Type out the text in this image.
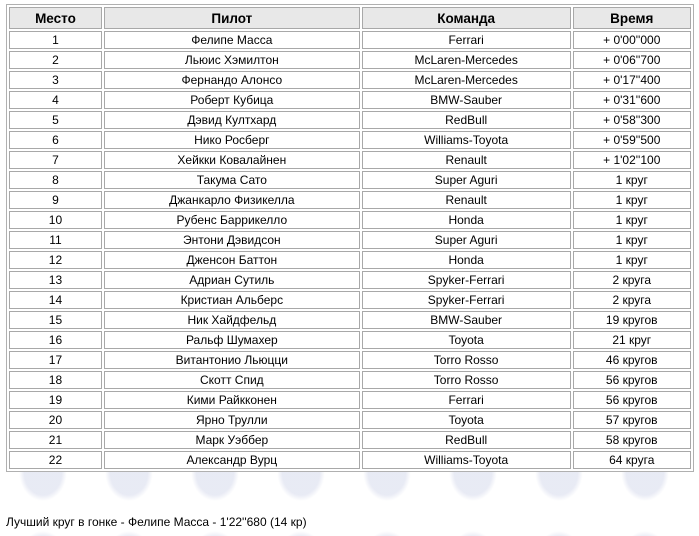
Место	Пилот	Команда	Время
1	Фелипе Масса	Ferrari	+ 0'00''000
2	Льюис Хэмилтон	McLaren-Mercedes	+ 0'06''700
3	Фернандо Алонсо	McLaren-Mercedes	+ 0'17''400
4	Роберт Кубица	BMW-Sauber	+ 0'31''600
5	Дэвид Култхард	RedBull	+ 0'58''300
6	Нико Росберг	Williams-Toyota	+ 0'59''500
7	Хейкки Ковалайнен	Renault	+ 1'02''100
8	Такума Сато	Super Aguri	1 круг
9	Джанкарло Физикелла	Renault	1 круг
10	Рубенс Баррикелло	Honda	1 круг
11	Энтони Дэвидсон	Super Aguri	1 круг
12	Дженсон Баттон	Honda	1 круг
13	Адриан Сутиль	Spyker-Ferrari	2 круга
14	Кристиан Альберс	Spyker-Ferrari	2 круга
15	Ник Хайдфельд	BMW-Sauber	19 кругов
16	Ральф Шумахер	Toyota	21 круг
17	Витантонио Льюцци	Torro Rosso	46 кругов
18	Скотт Спид	Torro Rosso	56 кругов
19	Кими Райкконен	Ferrari	56 кругов
20	Ярно Трулли	Toyota	57 кругов
21	Марк Уэббер	RedBull	58 кругов
22	Александр Вурц	Williams-Toyota	64 круга
Лучший круг в гонке - Фелипе Масса - 1'22''680 (14 кр)
